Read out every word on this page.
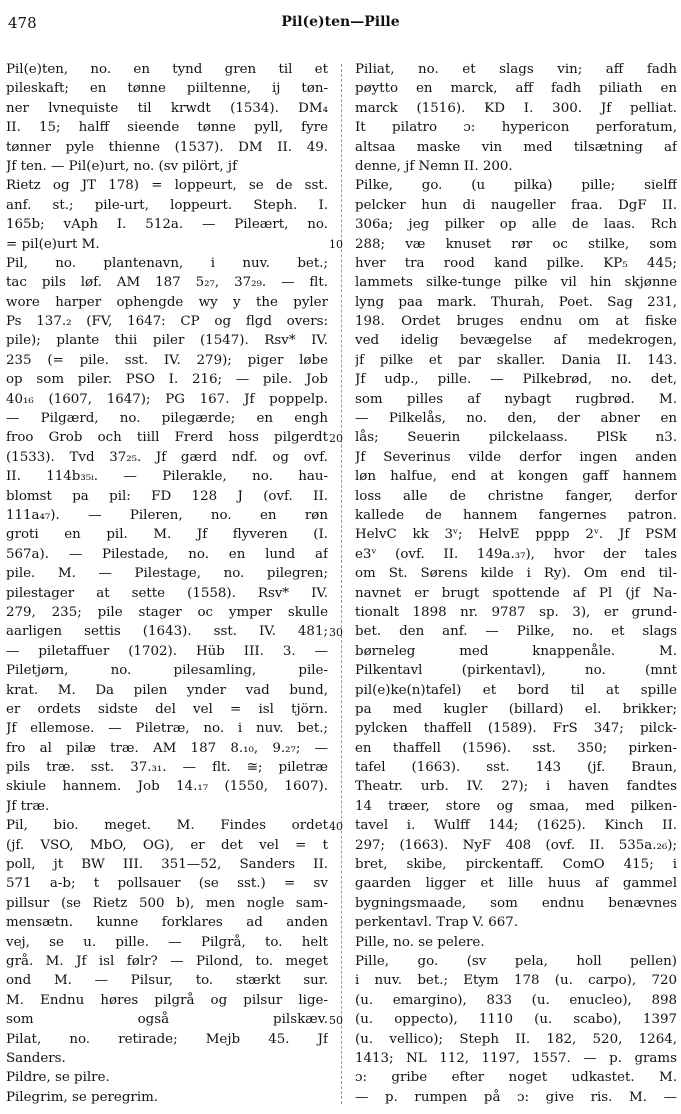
478	Pil(e)ten—Pille
10
20
30
40
50
Pil(e)ten, no. en tynd gren til et
pileskaft; en tønne piiltenne, ij tøn-
ner lvnequiste til krwdt (1534). DM₄
II. 15; halff sieende tønne pyll, fyre
tønner pyle thienne (1537). DM II. 49.
Jf ten. — Pil(e)urt, no. (sv pilört, jf
Rietz og JT 178) = loppeurt, se de sst.
anf. st.; pile-urt, loppeurt. Steph. I.
165b; vAph I. 512a. — Pileært, no.
= pil(e)urt M.
Pil, no. plantenavn, i nuv. bet.;
tac pils løf. AM 187 5₂₇, 37₂₉. — flt.
wore harper ophengde wy y the pyler
Ps 137.₂ (FV, 1647: CP og flgd overs:
pile); plante thii piler (1547). Rsv* IV.
235 (= pile. sst. IV. 279); piger løbe
op som piler. PSO I. 216; — pile. Job
40₁₆ (1607, 1647); PG 167. Jf poppelp.
— Pilgærd, no. pilegærde; en engh
froo Grob och tiill Frerd hoss pilgerdt
(1533). Tvd 37₂₅. Jf gærd ndf. og ovf.
II. 114b₃₅ᵢ. — Pilerakle, no. hau-
blomst pa pil: FD 128 J (ovf. II.
111a₄₇). — Pileren, no. en røn
groti en pil. M. Jf flyveren (I.
567a). — Pilestade, no. en lund af
pile. M. — Pilestage, no. pilegren;
pilestager at sette (1558). Rsv* IV.
279, 235; pile stager oc ymper skulle
aarligen settis (1643). sst. IV. 481;
— piletaffuer (1702). Hüb III. 3. —
Piletjørn, no. pilesamling, pile-
krat. M. Da pilen ynder vad bund,
er ordets sidste del vel = isl tjörn.
Jf ellemose. — Piletræ, no. i nuv. bet.;
fro al pilæ træ. AM 187 8.₁₀, 9.₂₇; —
pils træ. sst. 37.₃₁. — flt. ≅; piletræ
skiule hannem. Job 14.₁₇ (1550, 1607).
Jf træ.
Pil, bio. meget. M. Findes ordet
(jf. VSO, MbO, OG), er det vel = t
poll, jt BW III. 351—52, Sanders II.
571 a-b; t pollsauer (se sst.) = sv
pillsur (se Rietz 500 b), men nogle sam-
mensætn. kunne forklares ad anden
vej, se u. pille. — Pilgrå, to. helt
grå. M. Jf isl følr? — Pilond, to. meget
ond M. — Pilsur, to. stærkt sur.
M. Endnu høres pilgrå og pilsur lige-
som også pilskæv.
Pilat, no. retirade; Mejb 45. Jf
Sanders.
Pildre, se pilre.
Pilegrim, se peregrim.
Piliat, no. et slags vin; aff fadh
pøytto en marck, aff fadh piliath en
marck (1516). KD I. 300. Jf pelliat.
It pilatro ɔ: hypericon perforatum,
altsaa maske vin med tilsætning af
denne, jf Nemn II. 200.
Pilke, go. (u pilka) pille; sielff
pelcker hun di naugeller fraa. DgF II.
306a; jeg pilker op alle de laas. Rch
288; væ knuset rør oc stilke, som
hver tra rood kand pilke. KP₅ 445;
lammets silke-tunge pilke vil hin skjønne
lyng paa mark. Thurah, Poet. Sag 231,
198. Ordet bruges endnu om at fiske
ved idelig bevægelse af medekrogen,
jf pilke et par skaller. Dania II. 143.
Jf udp., pille. — Pilkebrød, no. det,
som pilles af nybagt rugbrød. M.
— Pilkelås, no. den, der abner en
lås; Seuerin pilckelaass. PlSk n3.
Jf Severinus vilde derfor ingen anden
løn halfue, end at kongen gaff hannem
loss alle de christne fanger, derfor
kallede de hannem fangernes patron.
HelvC kk 3ᵛ; HelvE pppp 2ᵛ. Jf PSM
e3ᵛ (ovf. II. 149a.₃₇), hvor der tales
om St. Sørens kilde i Ry). Om end til-
navnet er brugt spottende af Pl (jf Na-
tionalt 1898 nr. 9787 sp. 3), er grund-
bet. den anf. — Pilke, no. et slags
børneleg med knappenåle. M.
Pilkentavl (pirkentavl), no. (mnt
pil(e)ke(n)tafel) et bord til at spille
pa med kugler (billard) el. brikker;
pylcken thaffell (1589). FrS 347; pilck-
en thaffell (1596). sst. 350; pirken-
tafel (1663). sst. 143 (jf. Braun,
Theatr. urb. IV. 27); i haven fandtes
14 træer, store og smaa, med pilken-
tavel i. Wulff 144; (1625). Kinch II.
297; (1663). NyF 408 (ovf. II. 535a.₂₆);
bret, skibe, pirckentaff. ComO 415; i
gaarden ligger et lille huus af gammel
bygningsmaade, som endnu benævnes
perkentavl. Trap V. 667.
Pille, no. se pelere.
Pille, go. (sv pela, holl pellen)
i nuv. bet.; Etym 178 (u. carpo), 720
(u. emargino), 833 (u. enucleo), 898
(u. oppecto), 1110 (u. scabo), 1397
(u. vellico); Steph II. 182, 520, 1264,
1413; NL 112, 1197, 1557. — p. grams
ɔ: gribe efter noget udkastet. M.
— p. rumpen på ɔ: give ris. M. —
